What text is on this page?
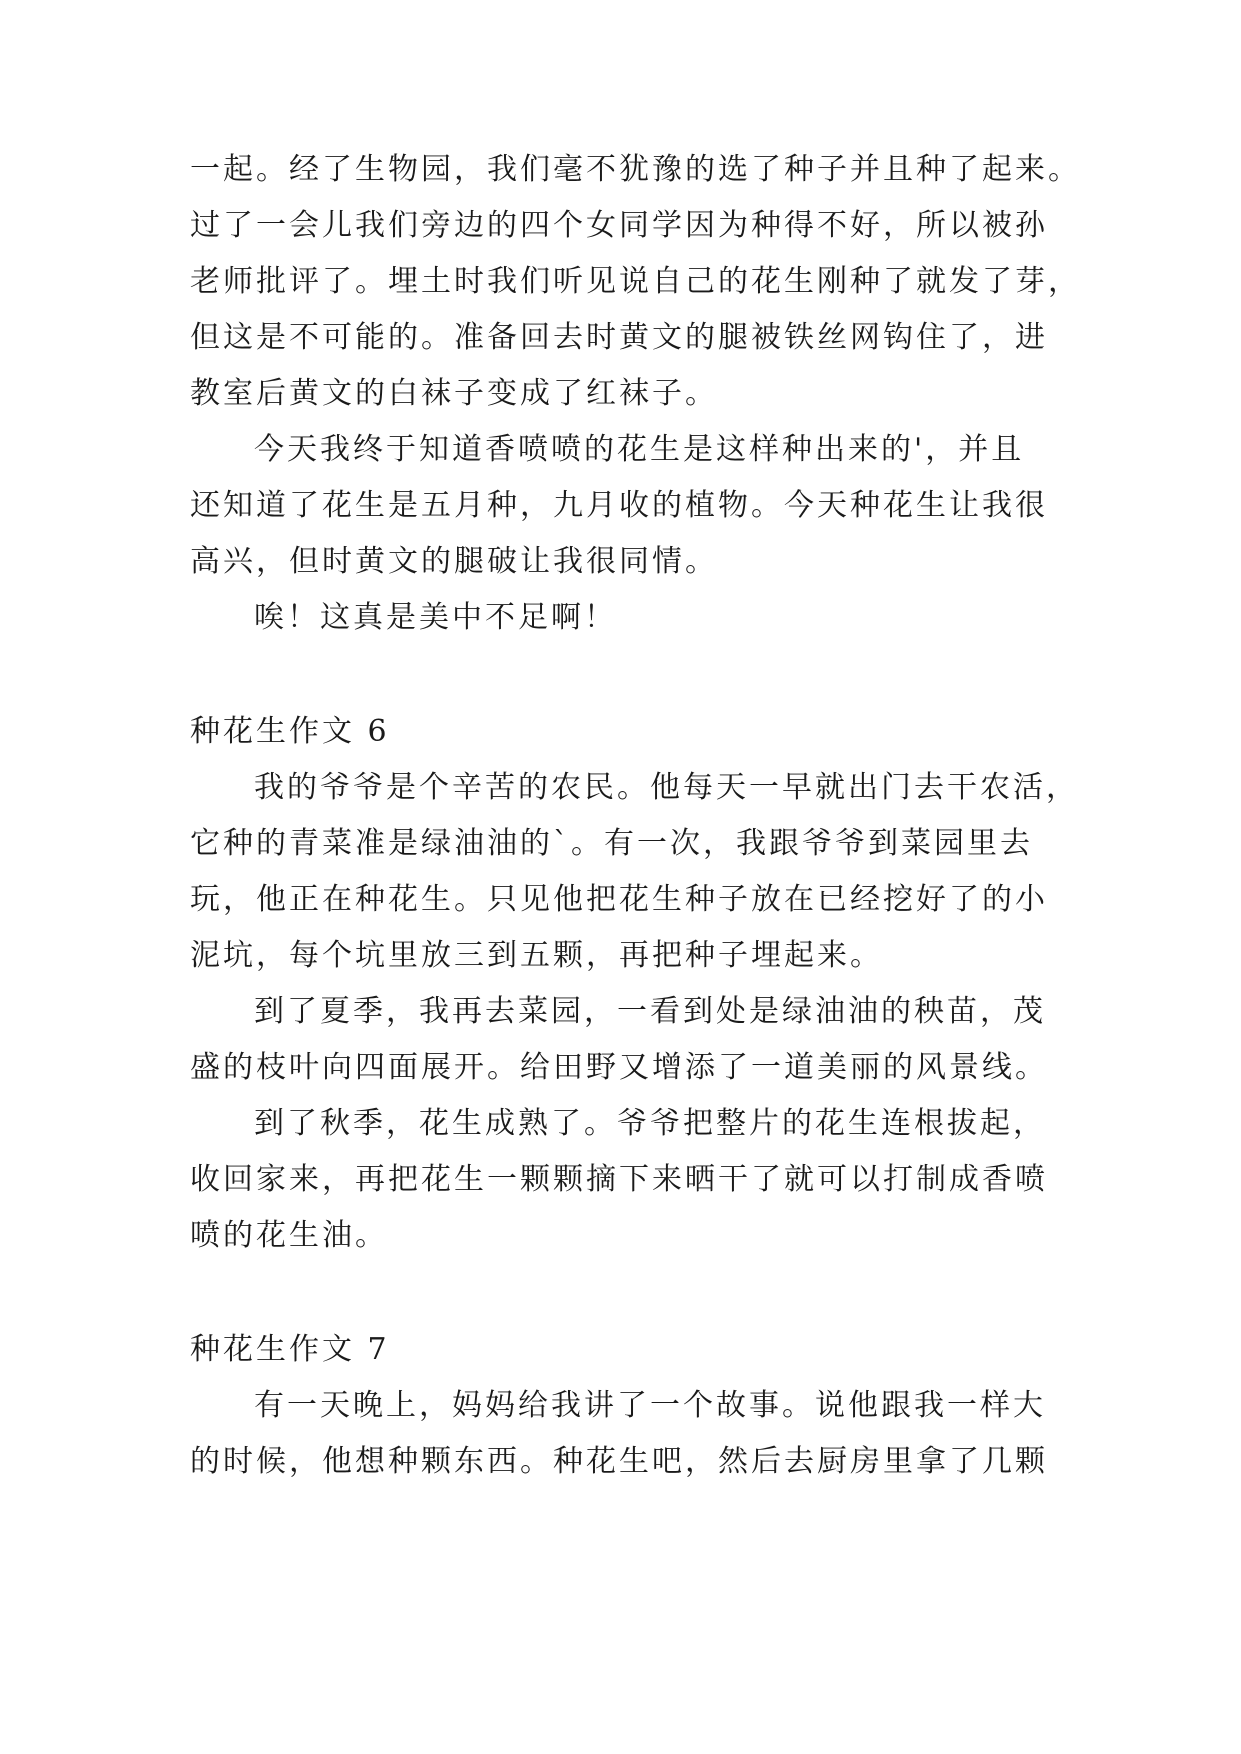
一起。经了生物园，我们毫不犹豫的选了种子并且种了起来。
过了一会儿我们旁边的四个女同学因为种得不好，所以被孙
老师批评了。埋土时我们听见说自己的花生刚种了就发了芽，
但这是不可能的。准备回去时黄文的腿被铁丝网钩住了，进
教室后黄文的白袜子变成了红袜子。
今天我终于知道香喷喷的花生是这样种出来的'，并且
还知道了花生是五月种，九月收的植物。今天种花生让我很
高兴，但时黄文的腿破让我很同情。
唉！这真是美中不足啊！
种花生作文 6
我的爷爷是个辛苦的农民。他每天一早就出门去干农活，
它种的青菜准是绿油油的`。有一次，我跟爷爷到菜园里去
玩，他正在种花生。只见他把花生种子放在已经挖好了的小
泥坑，每个坑里放三到五颗，再把种子埋起来。
到了夏季，我再去菜园，一看到处是绿油油的秧苗，茂
盛的枝叶向四面展开。给田野又增添了一道美丽的风景线。
到了秋季，花生成熟了。爷爷把整片的花生连根拔起，
收回家来，再把花生一颗颗摘下来晒干了就可以打制成香喷
喷的花生油。
种花生作文 7
有一天晚上，妈妈给我讲了一个故事。说他跟我一样大
的时候，他想种颗东西。种花生吧，然后去厨房里拿了几颗
